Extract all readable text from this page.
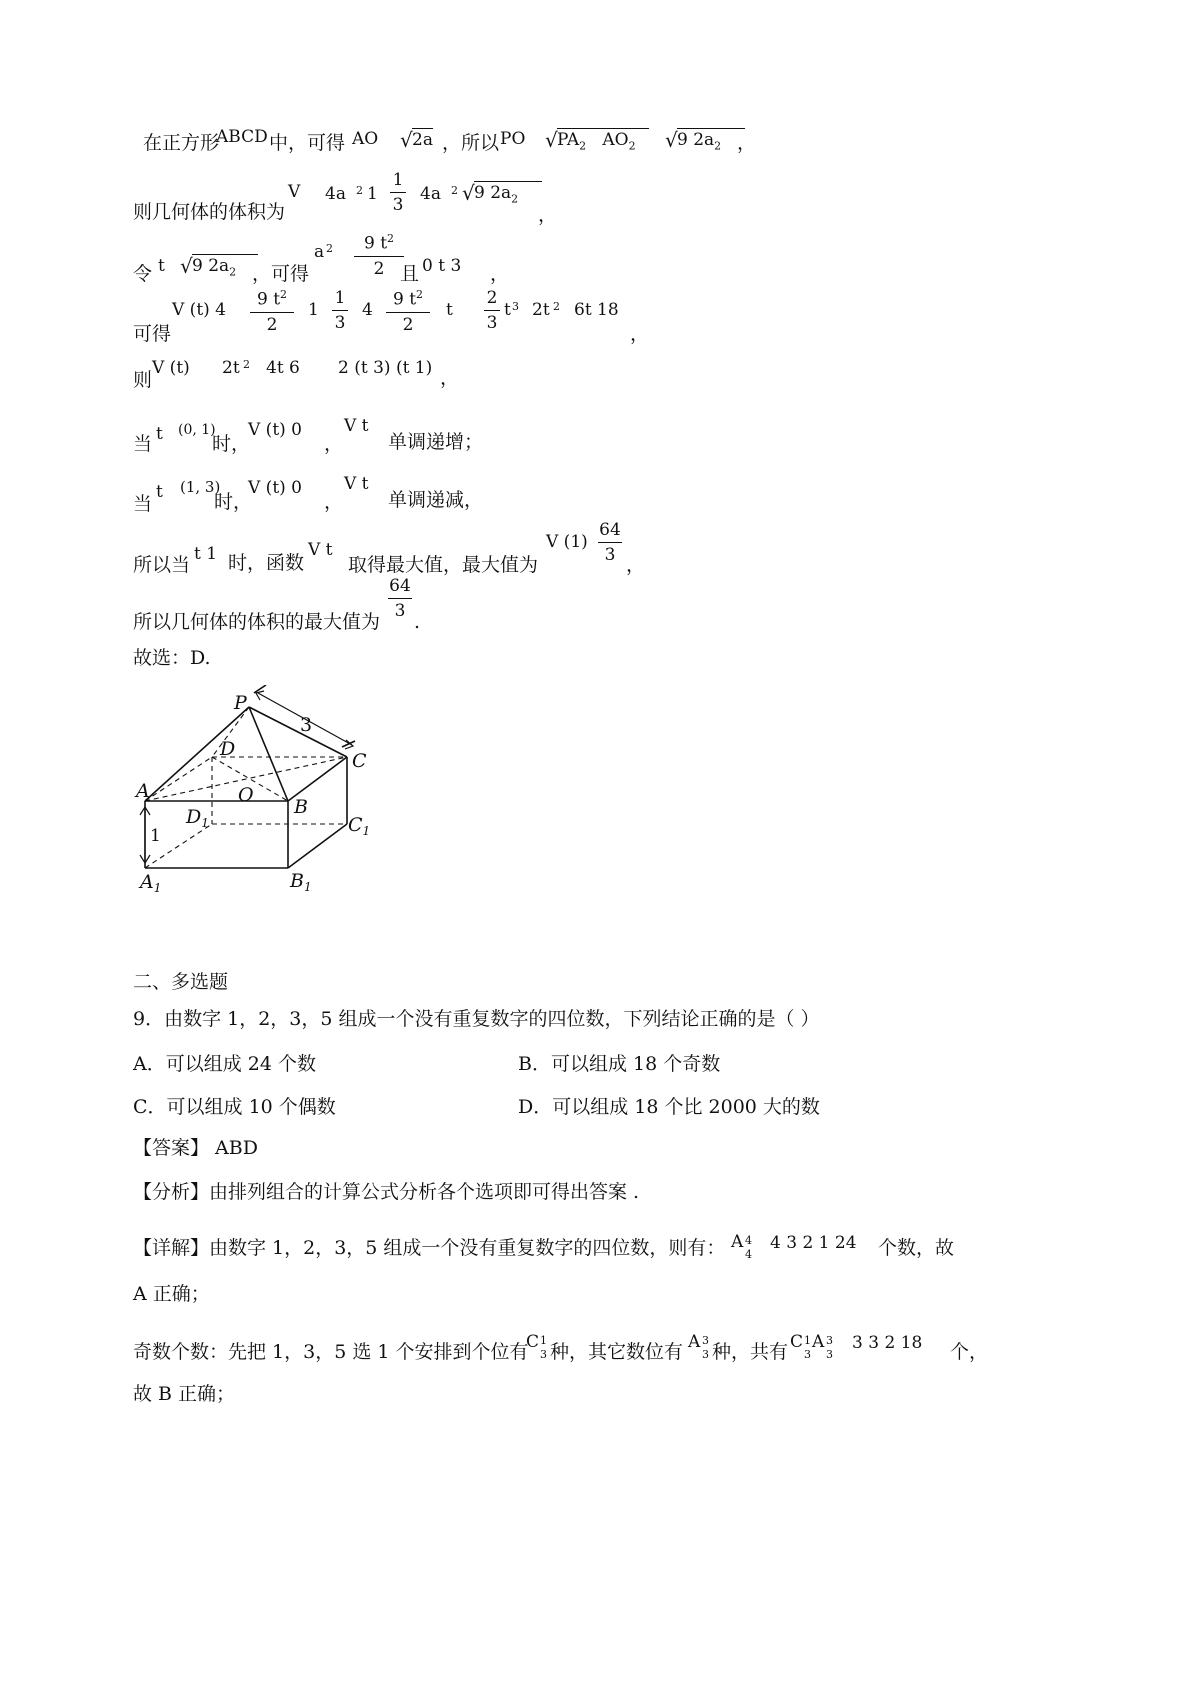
在正方形
ABCD 中，可得 AO √ 2a ，所以 PO √ $PA_2$ $AO_2$	√ 9 $2a_2$ ，
则几何体的体积为
V 4a 2 1
1
3
4a 2 √ 9 $2a_2$
，
令 t √ 9 $2a_2$ ，可得
a 2	9 $t^2$
2 且 0 t 3 ，
可得
V (t) 4
9 $t^2$
2
1
1
3
4
9 $t^2$
2
t
2
3
t 3 2t 2 6t 18
，
则
V (t) 2t 2 4t 6 2 (t 3) (t 1) ，
当 t (0, 1)
时，
V (t) 0
，
V t
单调递增；
当
t (1, 3)
时，
V (t) 0
，
V t
单调递减，
所以当 t 1 时，函数
V t
取得最大值，最大值为
V (1)
64
3 ，
所以几何体的体积的最大值为
64
3 .
故选：D.
P
D
C
A	O
B
$D_1$	$C_1$
$A_1$	$B_1$
3
1
二、多选题
9．由数字 1，2，3，5 组成一个没有重复数字的四位数，下列结论正确的是（ ）
A．可以组成 24 个数	B．可以组成 18 个奇数
C．可以组成 10 个偶数	D．可以组成 18 个比 2000 大的数
【答案】 ABD
【分析】由排列组合的计算公式分析各个选项即可得出答案 .
【详解】由数字 1，2，3，5 组成一个没有重复数字的四位数，则有： A 4
4
4 3 2 1 24 个数，故
A 正确；
奇数个数：先把 1，3，5 选 1 个安排到个位有
C 1
3 种，其它数位有 A 3
3 种，共有 C 1
3
A 3
3
3 3 2 18 个，
故 B 正确；
